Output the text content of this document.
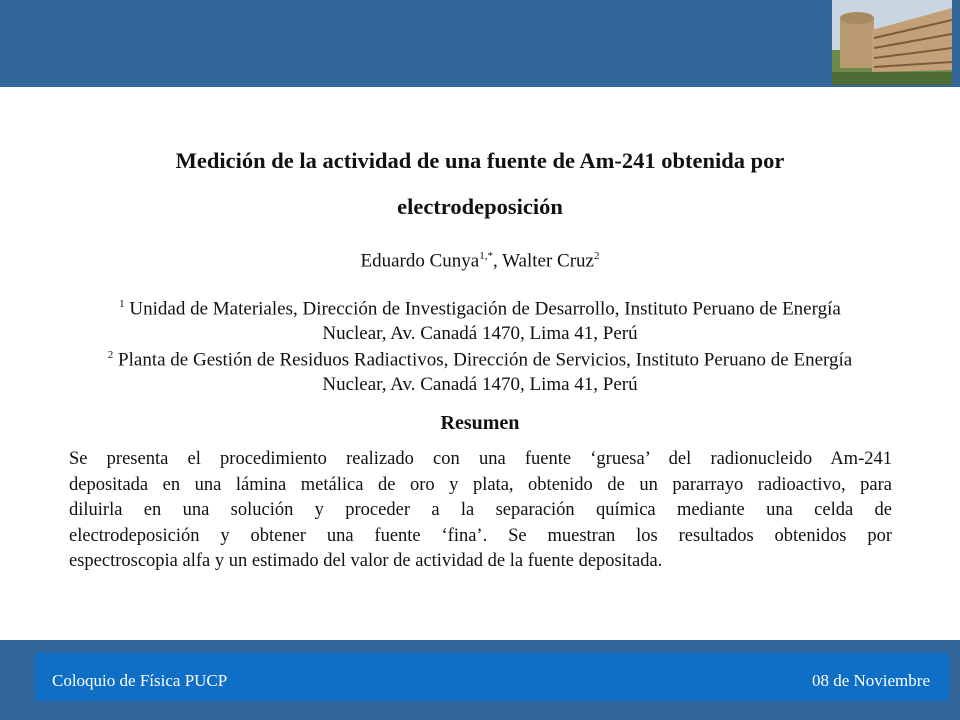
Medición de la actividad de una fuente de Am-241 obtenida por
electrodeposición
Eduardo Cunya$^{1,*}$, Walter Cruz$^2$
$^1$ Unidad de Materiales, Dirección de Investigación de Desarrollo, Instituto Peruano de Energía
Nuclear, Av. Canadá 1470, Lima 41, Perú
$^2$ Planta de Gestión de Residuos Radiactivos, Dirección de Servicios, Instituto Peruano de Energía
Nuclear, Av. Canadá 1470, Lima 41, Perú
Resumen
Se presenta el procedimiento realizado con una fuente ‘gruesa’ del radionucleido Am-241
depositada en una lámina metálica de oro y plata, obtenido de un pararrayo radioactivo, para
diluirla en una solución y proceder a la separación química mediante una celda de
electrodeposición y obtener una fuente ‘fina’. Se muestran los resultados obtenidos por
espectroscopia alfa y un estimado del valor de actividad de la fuente depositada.
Coloquio de Física PUCP	08 de Noviembre
